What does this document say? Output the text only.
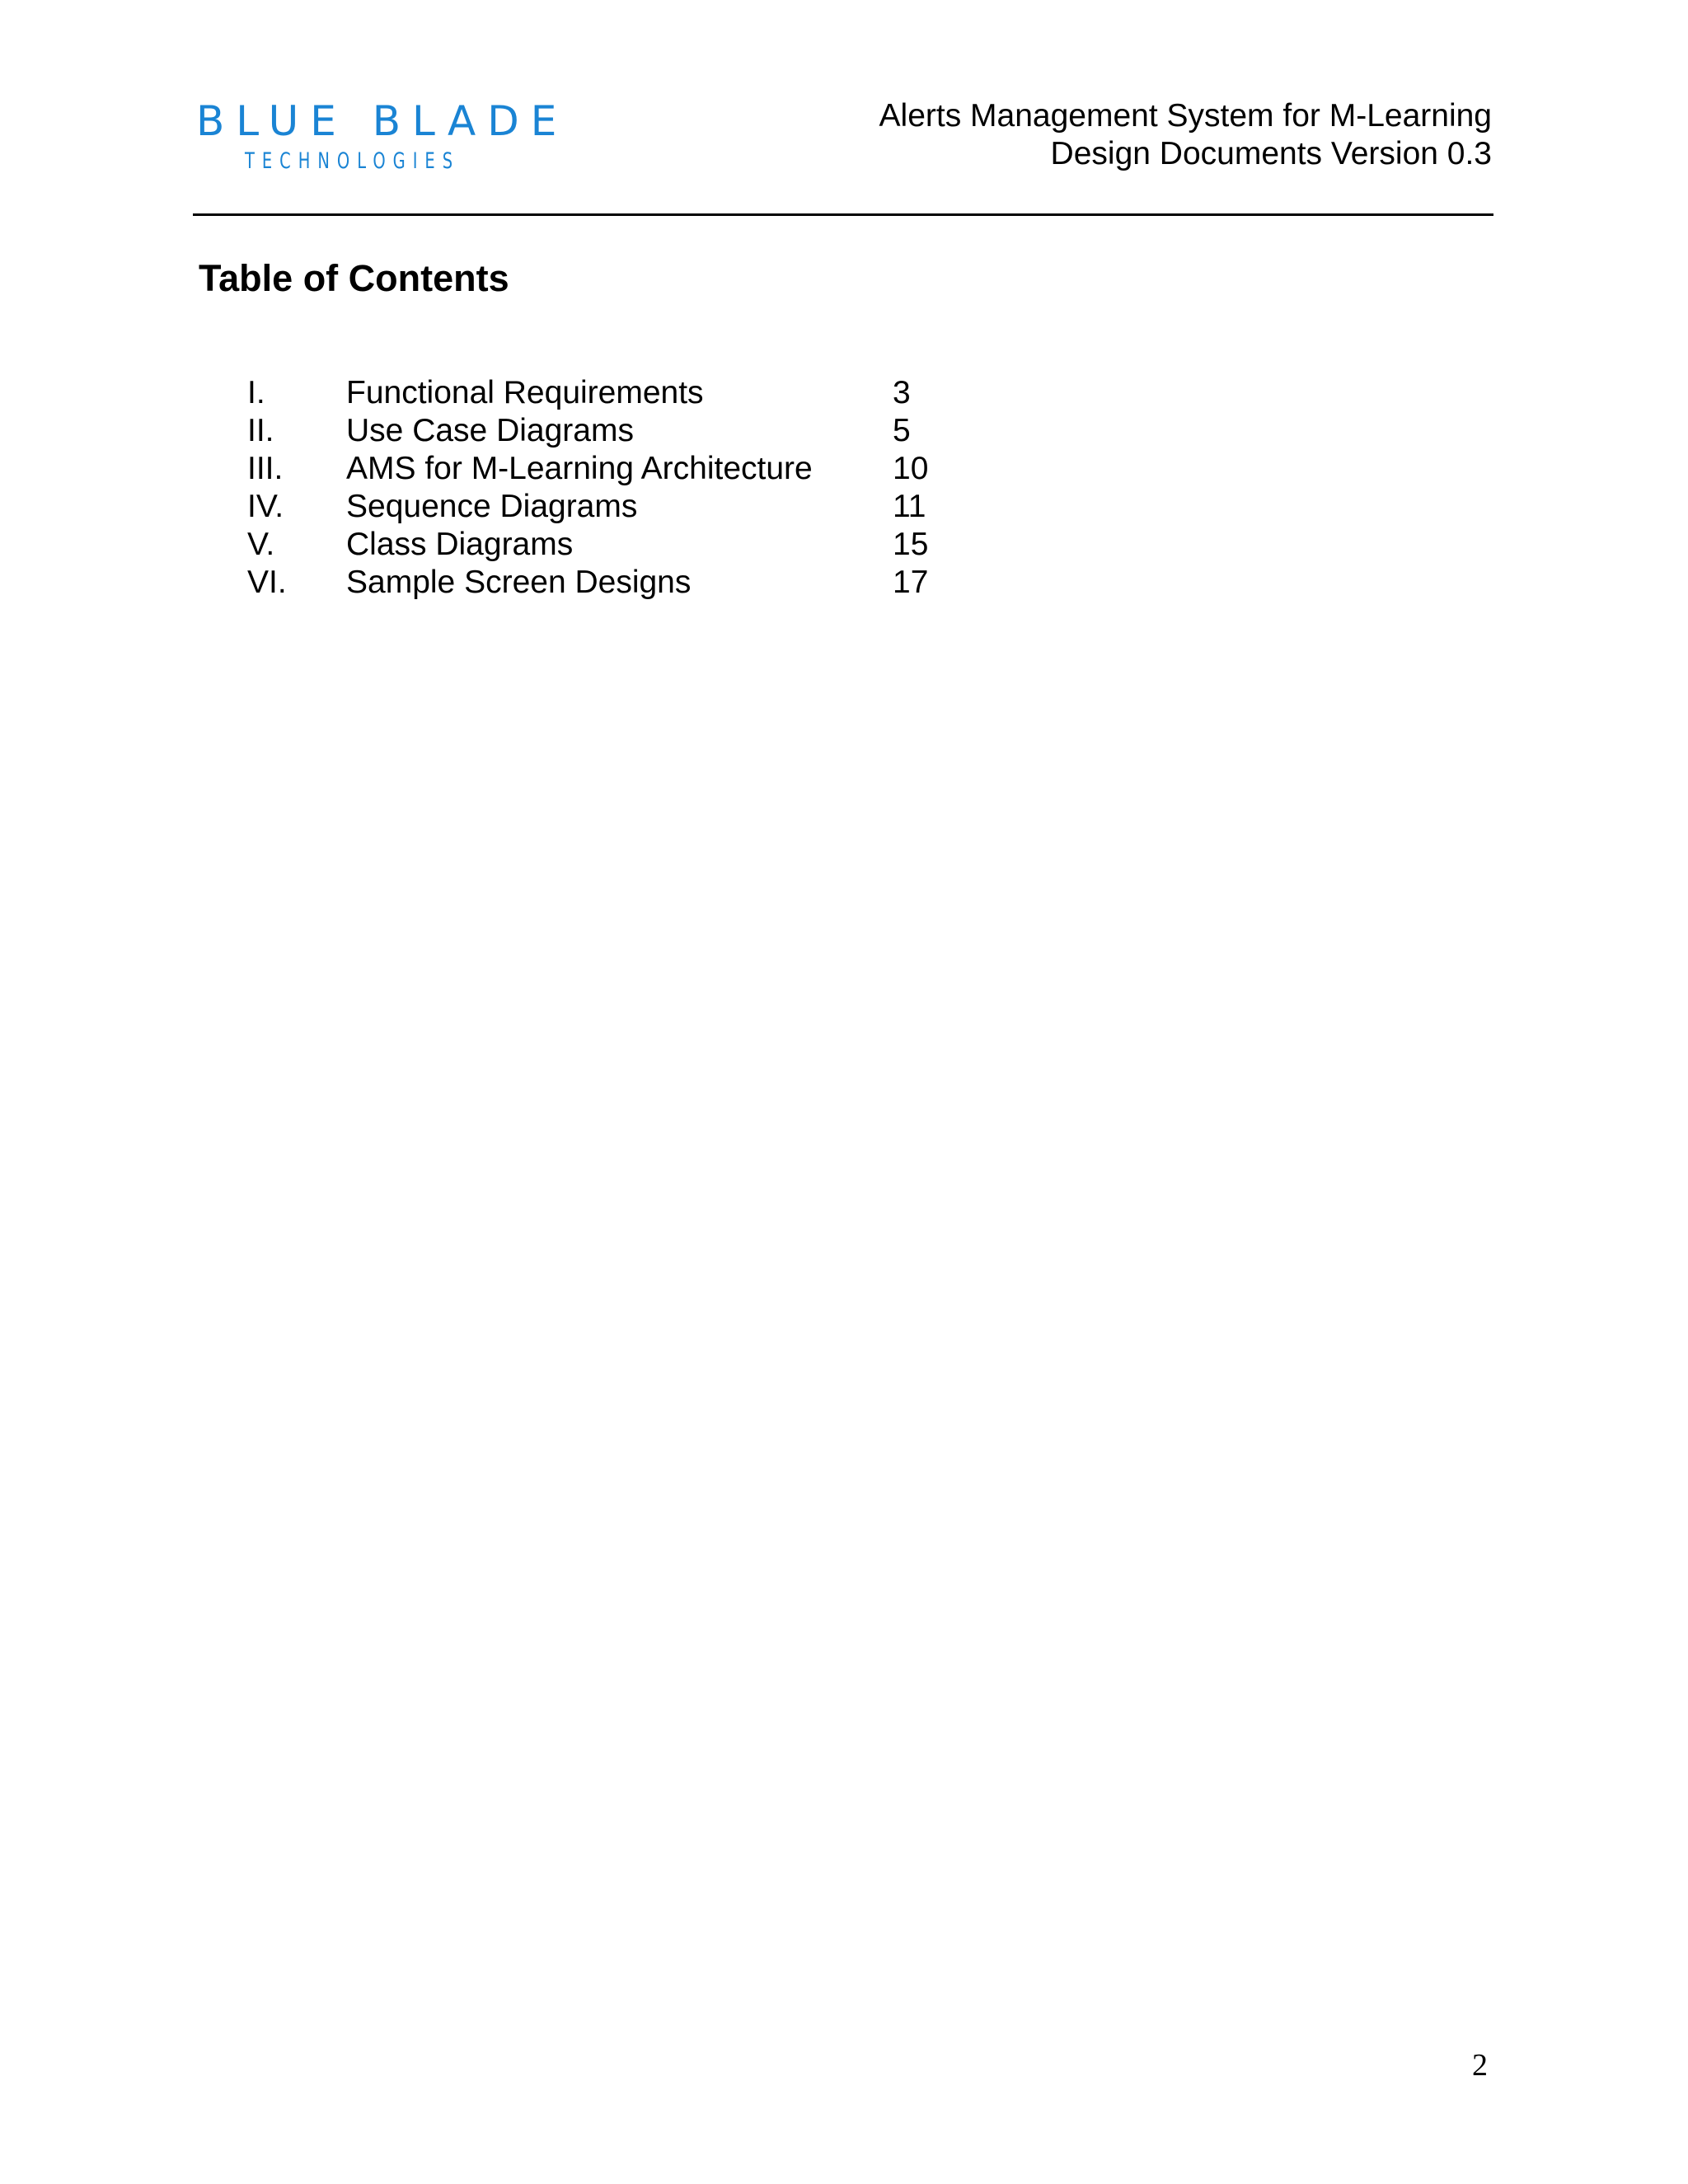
BLUE BLADE
TECHNOLOGIES
Alerts Management System for M-Learning
Design Documents Version 0.3
Table of Contents
I.	Functional Requirements	3
II. Use Case Diagrams	5
III. AMS for M-Learning Architecture 10
IV. Sequence Diagrams	11
V. Class Diagrams	15
VI. Sample Screen Designs	17
2
